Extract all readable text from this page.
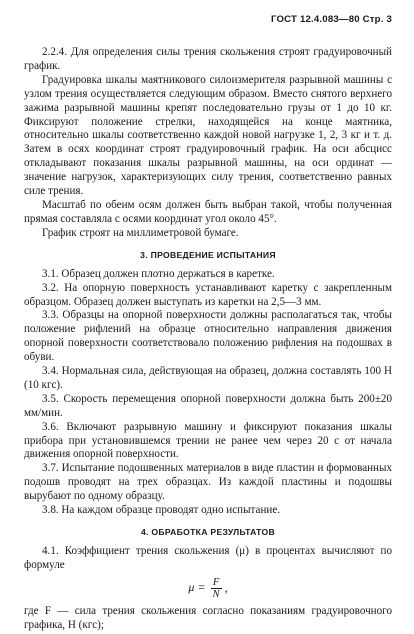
ГОСТ 12.4.083—80 Стр. 3

2.2.4. Для определения силы трения скольжения строят градуировочный график.

Градуировка шкалы маятникового силоизмерителя разрывной машины с узлом трения осуществляется следующим образом. Вместо снятого верхнего зажима разрывной машины крепят последовательно грузы от 1 до 10 кг. Фиксируют положение стрелки, находящейся на конце маятника, относительно шкалы соответственно каждой новой нагрузке 1, 2, 3 кг и т. д. Затем в осях координат строят градуировочный график. На оси абсцисс откладывают показания шкалы разрывной машины, на оси ординат — значение нагрузок, характеризующих силу трения, соответственно равных силе трения.

Масштаб по обеим осям должен быть выбран такой, чтобы полученная прямая составляла с осями координат угол около 45°.

График строят на миллиметровой бумаге.

3. ПРОВЕДЕНИЕ ИСПЫТАНИЯ

3.1. Образец должен плотно держаться в каретке.

3.2. На опорную поверхность устанавливают каретку с закрепленным образцом. Образец должен выступать из каретки на 2,5—3 мм.

3.3. Образцы на опорной поверхности должны располагаться так, чтобы положение рифлений на образце относительно направления движения опорной поверхности соответствовало положению рифления на подошвах в обуви.

3.4. Нормальная сила, действующая на образец, должна составлять 100 Н (10 кгс).

3.5. Скорость перемещения опорной поверхности должна быть 200±20 мм/мин.

3.6. Включают разрывную машину и фиксируют показания шкалы прибора при установившемся трении не ранее чем через 20 с от начала движения опорной поверхности.

3.7. Испытание подошвенных материалов в виде пластин и формованных подошв проводят на трех образцах. Из каждой пластины и подошвы вырубают по одному образцу.

3.8. На каждом образце проводят одно испытание.

4. ОБРАБОТКА РЕЗУЛЬТАТОВ

4.1. Коэффициент трения скольжения (μ) в процентах вычисляют по формуле

$\mu = \frac{F}{N}$ ,

где F — сила трения скольжения согласно показаниям градуировочного графика, Н (кгс);
